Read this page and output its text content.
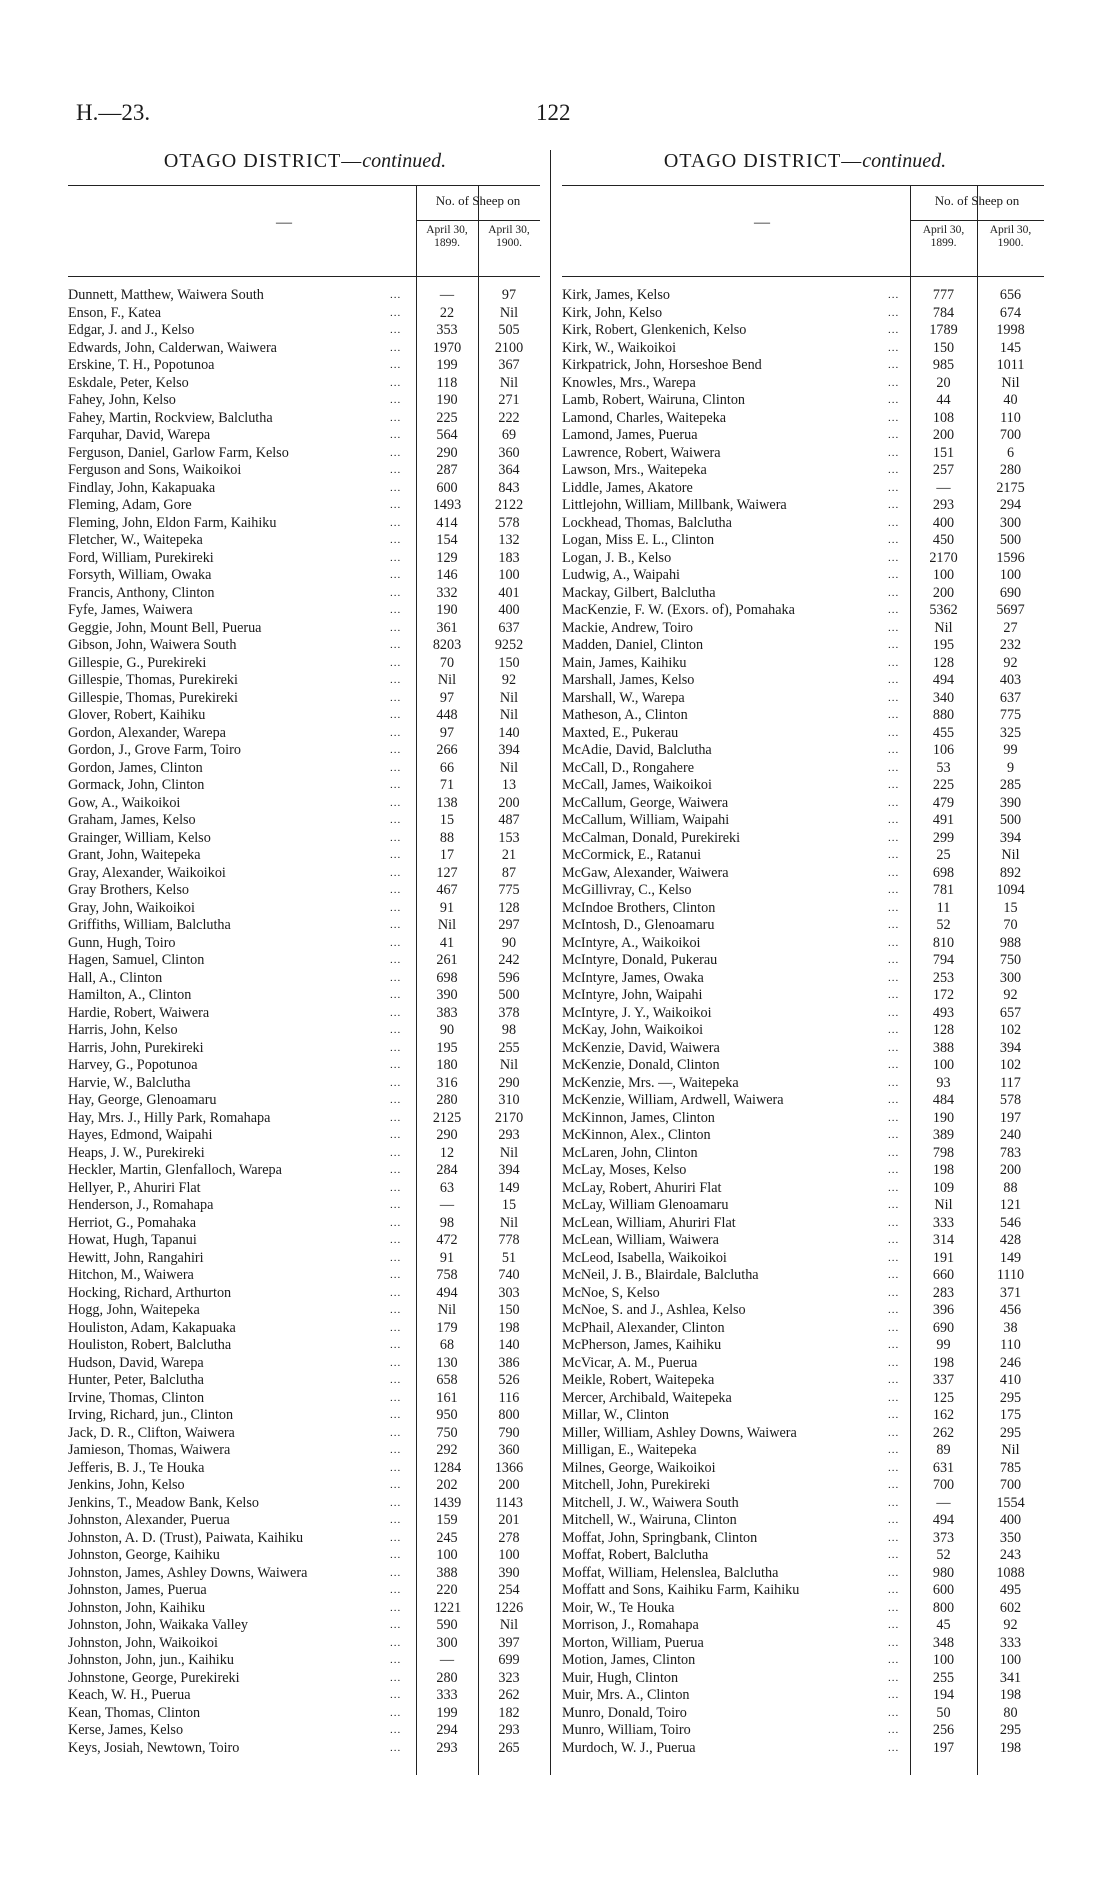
H.—23.	122
OTAGO DISTRICT—continued.	OTAGO DISTRICT—continued.
—
No. of Sheep on
April 30,
1899.
April 30,
1900.
Dunnett, Matthew, Waiwera South	...	—	97
Enson, F., Katea	...	22	Nil
Edgar, J. and J., Kelso	...	353	505
Edwards, John, Calderwan, Waiwera	...	1970	2100
Erskine, T. H., Popotunoa	...	199	367
Eskdale, Peter, Kelso	...	118	Nil
Fahey, John, Kelso	...	190	271
Fahey, Martin, Rockview, Balclutha	...	225	222
Farquhar, David, Warepa	...	564	69
Ferguson, Daniel, Garlow Farm, Kelso	...	290	360
Ferguson and Sons, Waikoikoi	...	287	364
Findlay, John, Kakapuaka	...	600	843
Fleming, Adam, Gore	...	1493	2122
Fleming, John, Eldon Farm, Kaihiku	...	414	578
Fletcher, W., Waitepeka	...	154	132
Ford, William, Purekireki	...	129	183
Forsyth, William, Owaka	...	146	100
Francis, Anthony, Clinton	...	332	401
Fyfe, James, Waiwera	...	190	400
Geggie, John, Mount Bell, Puerua	...	361	637
Gibson, John, Waiwera South	...	8203	9252
Gillespie, G., Purekireki	...	70	150
Gillespie, Thomas, Purekireki	...	Nil	92
Gillespie, Thomas, Purekireki	...	97	Nil
Glover, Robert, Kaihiku	...	448	Nil
Gordon, Alexander, Warepa	...	97	140
Gordon, J., Grove Farm, Toiro	...	266	394
Gordon, James, Clinton	...	66	Nil
Gormack, John, Clinton	...	71	13
Gow, A., Waikoikoi	...	138	200
Graham, James, Kelso	...	15	487
Grainger, William, Kelso	...	88	153
Grant, John, Waitepeka	...	17	21
Gray, Alexander, Waikoikoi	...	127	87
Gray Brothers, Kelso	...	467	775
Gray, John, Waikoikoi	...	91	128
Griffiths, William, Balclutha	...	Nil	297
Gunn, Hugh, Toiro	...	41	90
Hagen, Samuel, Clinton	...	261	242
Hall, A., Clinton	...	698	596
Hamilton, A., Clinton	...	390	500
Hardie, Robert, Waiwera	...	383	378
Harris, John, Kelso	...	90	98
Harris, John, Purekireki	...	195	255
Harvey, G., Popotunoa	...	180	Nil
Harvie, W., Balclutha	...	316	290
Hay, George, Glenoamaru	...	280	310
Hay, Mrs. J., Hilly Park, Romahapa	...	2125	2170
Hayes, Edmond, Waipahi	...	290	293
Heaps, J. W., Purekireki	...	12	Nil
Heckler, Martin, Glenfalloch, Warepa	...	284	394
Hellyer, P., Ahuriri Flat	...	63	149
Henderson, J., Romahapa	...	—	15
Herriot, G., Pomahaka	...	98	Nil
Howat, Hugh, Tapanui	...	472	778
Hewitt, John, Rangahiri	...	91	51
Hitchon, M., Waiwera	...	758	740
Hocking, Richard, Arthurton	...	494	303
Hogg, John, Waitepeka	...	Nil	150
Houliston, Adam, Kakapuaka	...	179	198
Houliston, Robert, Balclutha	...	68	140
Hudson, David, Warepa	...	130	386
Hunter, Peter, Balclutha	...	658	526
Irvine, Thomas, Clinton	...	161	116
Irving, Richard, jun., Clinton	...	950	800
Jack, D. R., Clifton, Waiwera	...	750	790
Jamieson, Thomas, Waiwera	...	292	360
Jefferis, B. J., Te Houka	...	1284	1366
Jenkins, John, Kelso	...	202	200
Jenkins, T., Meadow Bank, Kelso	...	1439	1143
Johnston, Alexander, Puerua	...	159	201
Johnston, A. D. (Trust), Paiwata, Kaihiku	...	245	278
Johnston, George, Kaihiku	...	100	100
Johnston, James, Ashley Downs, Waiwera	...	388	390
Johnston, James, Puerua	...	220	254
Johnston, John, Kaihiku	...	1221	1226
Johnston, John, Waikaka Valley	...	590	Nil
Johnston, John, Waikoikoi	...	300	397
Johnston, John, jun., Kaihiku	...	—	699
Johnstone, George, Purekireki	...	280	323
Keach, W. H., Puerua	...	333	262
Kean, Thomas, Clinton	...	199	182
Kerse, James, Kelso	...	294	293
Keys, Josiah, Newtown, Toiro	...	293	265
—
No. of Sheep on
April 30,
1899.
April 30,
1900.
Kirk, James, Kelso	...	777	656
Kirk, John, Kelso	...	784	674
Kirk, Robert, Glenkenich, Kelso	...	1789	1998
Kirk, W., Waikoikoi	...	150	145
Kirkpatrick, John, Horseshoe Bend	...	985	1011
Knowles, Mrs., Warepa	...	20	Nil
Lamb, Robert, Wairuna, Clinton	...	44	40
Lamond, Charles, Waitepeka	...	108	110
Lamond, James, Puerua	...	200	700
Lawrence, Robert, Waiwera	...	151	6
Lawson, Mrs., Waitepeka	...	257	280
Liddle, James, Akatore	...	—	2175
Littlejohn, William, Millbank, Waiwera	...	293	294
Lockhead, Thomas, Balclutha	...	400	300
Logan, Miss E. L., Clinton	...	450	500
Logan, J. B., Kelso	...	2170	1596
Ludwig, A., Waipahi	...	100	100
Mackay, Gilbert, Balclutha	...	200	690
MacKenzie, F. W. (Exors. of), Pomahaka	...	5362	5697
Mackie, Andrew, Toiro	...	Nil	27
Madden, Daniel, Clinton	...	195	232
Main, James, Kaihiku	...	128	92
Marshall, James, Kelso	...	494	403
Marshall, W., Warepa	...	340	637
Matheson, A., Clinton	...	880	775
Maxted, E., Pukerau	...	455	325
McAdie, David, Balclutha	...	106	99
McCall, D., Rongahere	...	53	9
McCall, James, Waikoikoi	...	225	285
McCallum, George, Waiwera	...	479	390
McCallum, William, Waipahi	...	491	500
McCalman, Donald, Purekireki	...	299	394
McCormick, E., Ratanui	...	25	Nil
McGaw, Alexander, Waiwera	...	698	892
McGillivray, C., Kelso	...	781	1094
McIndoe Brothers, Clinton	...	11	15
McIntosh, D., Glenoamaru	...	52	70
McIntyre, A., Waikoikoi	...	810	988
McIntyre, Donald, Pukerau	...	794	750
McIntyre, James, Owaka	...	253	300
McIntyre, John, Waipahi	...	172	92
McIntyre, J. Y., Waikoikoi	...	493	657
McKay, John, Waikoikoi	...	128	102
McKenzie, David, Waiwera	...	388	394
McKenzie, Donald, Clinton	...	100	102
McKenzie, Mrs. —, Waitepeka	...	93	117
McKenzie, William, Ardwell, Waiwera	...	484	578
McKinnon, James, Clinton	...	190	197
McKinnon, Alex., Clinton	...	389	240
McLaren, John, Clinton	...	798	783
McLay, Moses, Kelso	...	198	200
McLay, Robert, Ahuriri Flat	...	109	88
McLay, William Glenoamaru	...	Nil	121
McLean, William, Ahuriri Flat	...	333	546
McLean, William, Waiwera	...	314	428
McLeod, Isabella, Waikoikoi	...	191	149
McNeil, J. B., Blairdale, Balclutha	...	660	1110
McNoe, S, Kelso	...	283	371
McNoe, S. and J., Ashlea, Kelso	...	396	456
McPhail, Alexander, Clinton	...	690	38
McPherson, James, Kaihiku	...	99	110
McVicar, A. M., Puerua	...	198	246
Meikle, Robert, Waitepeka	...	337	410
Mercer, Archibald, Waitepeka	...	125	295
Millar, W., Clinton	...	162	175
Miller, William, Ashley Downs, Waiwera	...	262	295
Milligan, E., Waitepeka	...	89	Nil
Milnes, George, Waikoikoi	...	631	785
Mitchell, John, Purekireki	...	700	700
Mitchell, J. W., Waiwera South	...	—	1554
Mitchell, W., Wairuna, Clinton	...	494	400
Moffat, John, Springbank, Clinton	...	373	350
Moffat, Robert, Balclutha	...	52	243
Moffat, William, Helenslea, Balclutha	...	980	1088
Moffatt and Sons, Kaihiku Farm, Kaihiku	...	600	495
Moir, W., Te Houka	...	800	602
Morrison, J., Romahapa	...	45	92
Morton, William, Puerua	...	348	333
Motion, James, Clinton	...	100	100
Muir, Hugh, Clinton	...	255	341
Muir, Mrs. A., Clinton	...	194	198
Munro, Donald, Toiro	...	50	80
Munro, William, Toiro	...	256	295
Murdoch, W. J., Puerua	...	197	198
